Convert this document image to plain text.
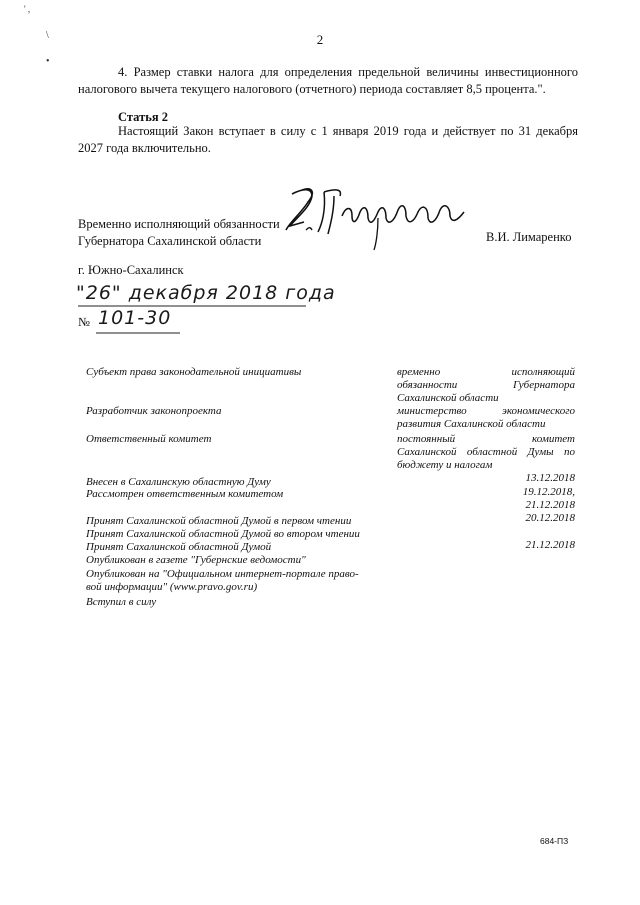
' ,
\
•
2
4. Размер ставки налога для определения предельной величины инвестиционного налогового вычета текущего налогового (отчетного) периода составляет 8,5 процента.".
Статья 2
Настоящий Закон вступает в силу с 1 января 2019 года и действует по 31 декабря 2027 года включительно.
Временно исполняющий обязанности
Губернатора Сахалинской области	В.И. Лимаренко
г. Южно-Сахалинск
"26" декабря 2018 года
№ 101-30
Субъект права законодательной инициативы	временно исполняющий
обязанности Губернатора
Сахалинской области
Разработчик законопроекта	министерство экономического
развития Сахалинской области
Ответственный комитет	постоянный комитет
Сахалинской областной Думы по
бюджету и налогам
Внесен в Сахалинскую областную Думу	13.12.2018
Рассмотрен ответственным комитетом	19.12.2018,
21.12.2018
Принят Сахалинской областной Думой в первом чтении	20.12.2018
Принят Сахалинской областной Думой во втором чтении
Принят Сахалинской областной Думой	21.12.2018
Опубликован в газете "Губернские ведомости"
Опубликован на "Официальном интернет-портале право-
вой информации" (www.pravo.gov.ru)
Вступил в силу
684-ПЗ
